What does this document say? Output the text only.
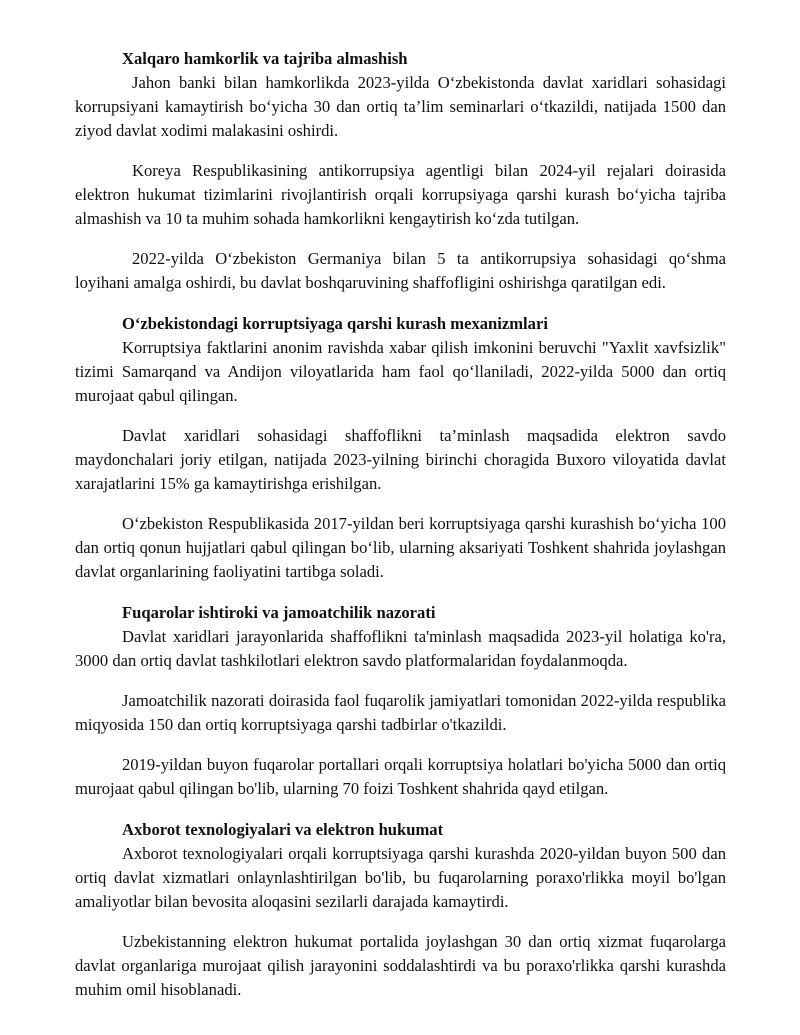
Xalqaro hamkorlik va tajriba almashish

Jahon banki bilan hamkorlikda 2023-yilda O‘zbekistonda davlat xaridlari sohasidagi korrupsiyani kamaytirish bo‘yicha 30 dan ortiq ta’lim seminarlari o‘tkazildi, natijada 1500 dan ziyod davlat xodimi malakasini oshirdi.

Koreya Respublikasining antikorrupsiya agentligi bilan 2024-yil rejalari doirasida elektron hukumat tizimlarini rivojlantirish orqali korrupsiyaga qarshi kurash bo‘yicha tajriba almashish va 10 ta muhim sohada hamkorlikni kengaytirish ko‘zda tutilgan.

2022-yilda O‘zbekiston Germaniya bilan 5 ta antikorrupsiya sohasidagi qo‘shma loyihani amalga oshirdi, bu davlat boshqaruvining shaffofligini oshirishga qaratilgan edi.

O‘zbekistondagi korruptsiyaga qarshi kurash mexanizmlari

Korruptsiya faktlarini anonim ravishda xabar qilish imkonini beruvchi "Yaxlit xavfsizlik" tizimi Samarqand va Andijon viloyatlarida ham faol qo‘llaniladi, 2022-yilda 5000 dan ortiq murojaat qabul qilingan.

Davlat xaridlari sohasidagi shaffoflikni ta’minlash maqsadida elektron savdo maydonchalari joriy etilgan, natijada 2023-yilning birinchi choragida Buxoro viloyatida davlat xarajatlarini 15% ga kamaytirishga erishilgan.

O‘zbekiston Respublikasida 2017-yildan beri korruptsiyaga qarshi kurashish bo‘yicha 100 dan ortiq qonun hujjatlari qabul qilingan bo‘lib, ularning aksariyati Toshkent shahrida joylashgan davlat organlarining faoliyatini tartibga soladi.

Fuqarolar ishtiroki va jamoatchilik nazorati

Davlat xaridlari jarayonlarida shaffoflikni ta'minlash maqsadida 2023-yil holatiga ko'ra, 3000 dan ortiq davlat tashkilotlari elektron savdo platformalaridan foydalanmoqda.

Jamoatchilik nazorati doirasida faol fuqarolik jamiyatlari tomonidan 2022-yilda respublika miqyosida 150 dan ortiq korruptsiyaga qarshi tadbirlar o'tkazildi.

2019-yildan buyon fuqarolar portallari orqali korruptsiya holatlari bo'yicha 5000 dan ortiq murojaat qabul qilingan bo'lib, ularning 70 foizi Toshkent shahrida qayd etilgan.

Axborot texnologiyalari va elektron hukumat

Axborot texnologiyalari orqali korruptsiyaga qarshi kurashda 2020-yildan buyon 500 dan ortiq davlat xizmatlari onlaynlashtirilgan bo'lib, bu fuqarolarning poraxo'rlikka moyil bo'lgan amaliyotlar bilan bevosita aloqasini sezilarli darajada kamaytirdi.

Uzbekistanning elektron hukumat portalida joylashgan 30 dan ortiq xizmat fuqarolarga davlat organlariga murojaat qilish jarayonini soddalashtirdi va bu poraxo'rlikka qarshi kurashda muhim omil hisoblanadi.
